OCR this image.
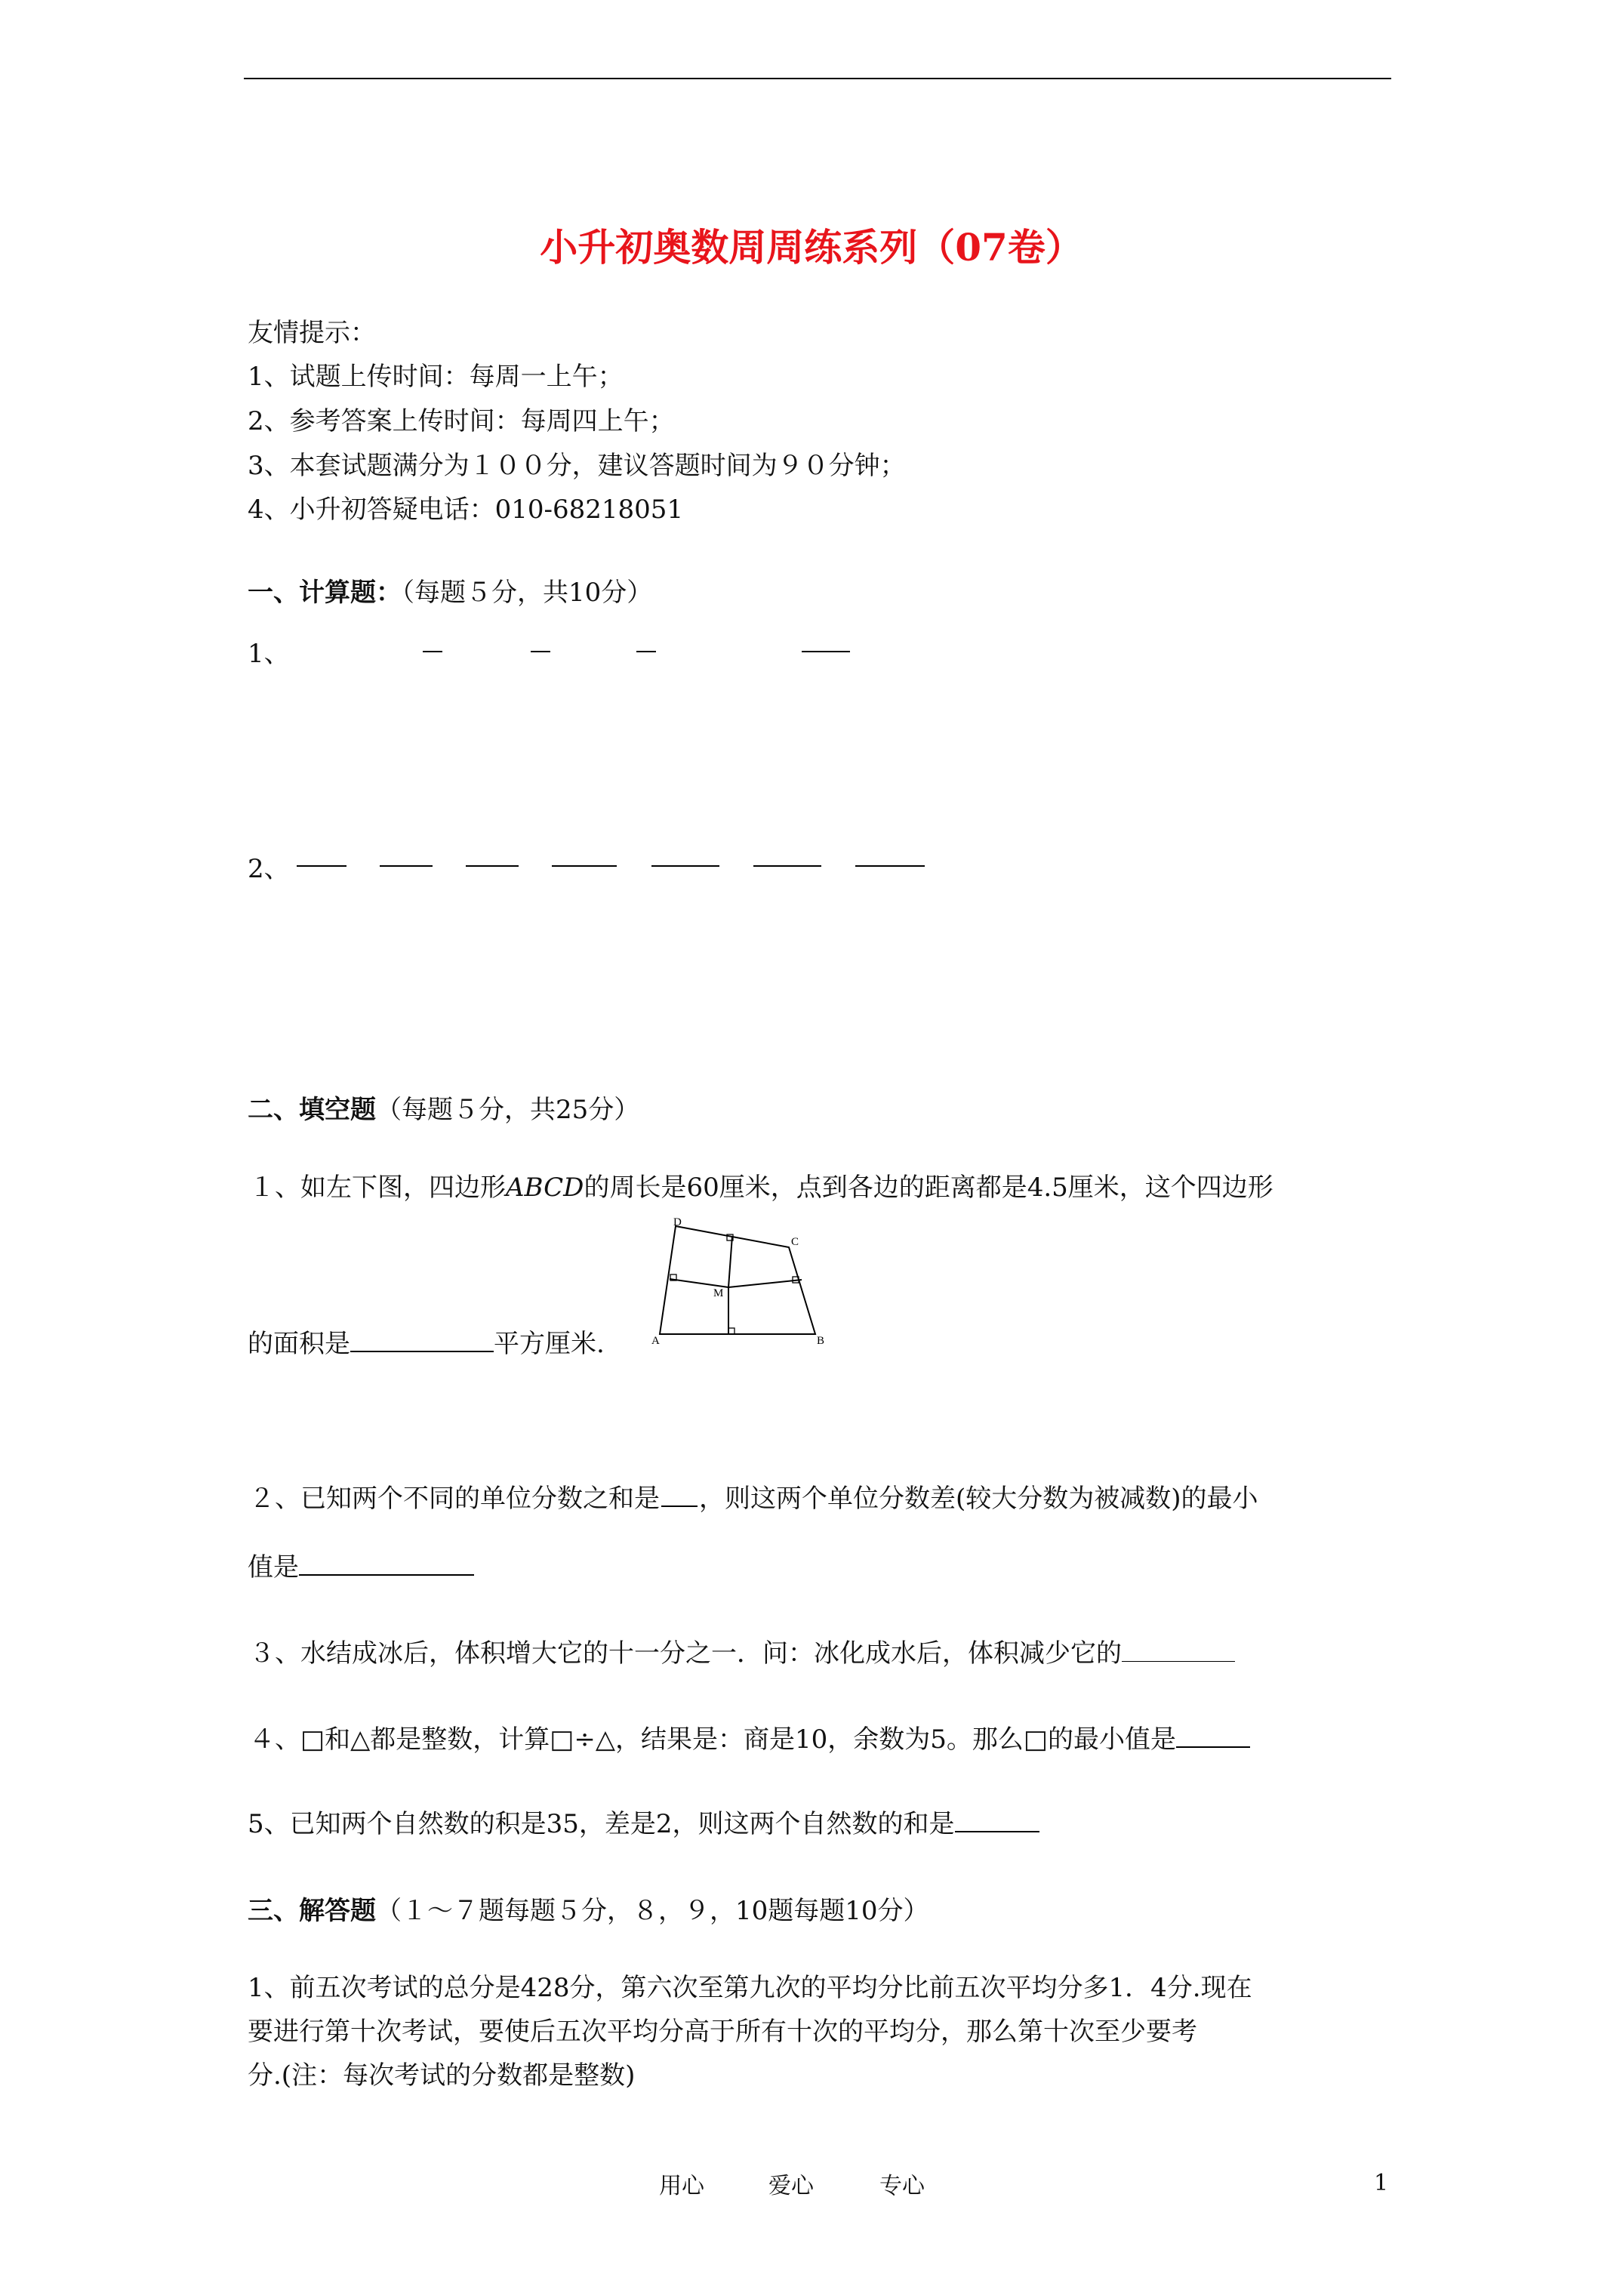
小升初奥数周周练系列（07卷）
友情提示：
1、试题上传时间：每周一上午；
2、参考答案上传时间：每周四上午；
3、本套试题满分为１００分，建议答题时间为９０分钟；
4、小升初答疑电话：010-68218051
一、计算题：（每题５分，共10分）
1、
2、
二、填空题（每题５分，共25分）
１、如左下图，四边形ABCD的周长是60厘米，点到各边的距离都是4.5厘米，这个四边形
D
C
A	B
M
的面积是	平方厘米.
２、已知两个不同的单位分数之和是 ，则这两个单位分数差(较大分数为被减数)的最小
值是
３、水结成冰后，体积增大它的十一分之一．问：冰化成水后，体积减少它的
４、□和△都是整数，计算□÷△，结果是：商是10，余数为5。那么□的最小值是
5、已知两个自然数的积是35，差是2，则这两个自然数的和是
三、解答题（１～７题每题５分，８，９，10题每题10分）
1、前五次考试的总分是428分，第六次至第九次的平均分比前五次平均分多1．4分.现在
要进行第十次考试，要使后五次平均分高于所有十次的平均分，那么第十次至少要考
分.(注：每次考试的分数都是整数)
用心	爱心	专心	1
